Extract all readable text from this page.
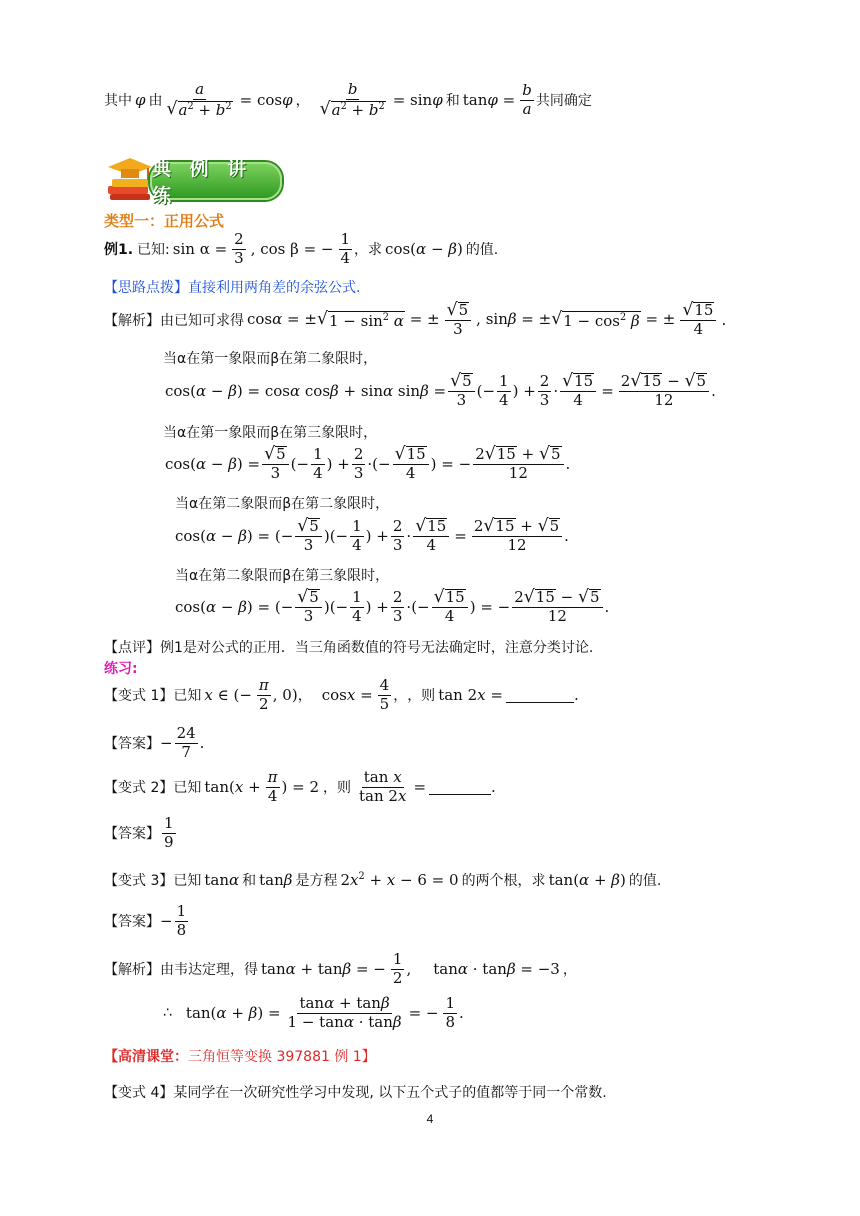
其中 φ 由 $\frac{a}{√ a^2 + b^2} = \cos\varphi$ ， $\frac{b}{√ a^2 + b^2} = \sin\varphi$ 和 $\tan\varphi = \frac{b}{a}$ 共同确定
典 例 讲 练
类型一：正用公式
例1. 已知: $\sin \alpha = \frac{2}{3}$ , cos β = − $\frac{1}{4}$ ，求 cos(α − β) 的值.
【思路点拨】 直接利用两角差的余弦公式.
【解析】 由已知可求得 cosα = ± √ $1 - \sin^2 \alpha$ = ± $\frac{√ 5}{3}$ , sinβ = ± √ $1 - \cos^2 \beta$ = ± $\frac{√ 15}{4}$ .
当α在第一象限而β在第二象限时，
cos(α − β) = cosα cosβ + sinα $\sin\beta = \frac{√ 5}{3}$ (− $\frac{1}{4}$ ) + $\frac{2}{3} \cdot \frac{√ 15}{4} = \frac{2 √ 15 - √ 5}{12}$ .
当α在第一象限而β在第三象限时，
$\cos(\alpha - \beta) = \frac{√ 5}{3}$ (− $\frac{1}{4}$ ) + $\frac{2}{3}$ ·(− $\frac{√ 15}{4}$ ) = − $\frac{2 √ 15 + √ 5}{12}$ .
当α在第二象限而β在第二象限时，
cos(α − β) = (− $\frac{√ 5}{3}$ )(− $\frac{1}{4}$ ) + $\frac{2}{3} \cdot \frac{√ 15}{4} = \frac{2 √ 15 + √ 5}{12}$ .
当α在第二象限而β在第三象限时，
cos(α − β) = (− $\frac{√ 5}{3}$ )(− $\frac{1}{4}$ ) + $\frac{2}{3}$ ·(− $\frac{√ 15}{4}$ ) = − $\frac{2 √ 15 - √ 5}{12}$ .
【点评】 例1是对公式的正用．当三角函数值的符号无法确定时，注意分类讨论.
练习:
【变式 1】 已知 x ∈ (− $\frac{\pi}{2}$ , 0) ， $\cos x = \frac{4}{5}$ ， ，则 tan 2x =	.
【答案】 − $\frac{24}{7}$ .
【变式 2】 已知 $\tan(x + \frac{\pi}{4}$ ) = 2 ，则 $\frac{\text{tan x}}{\tan 2x}$ =	.
【答案】 $\frac{1}{9}$
【变式 3】 已知 tanα 和 tanβ 是方程 $2x^2 + x - 6 = 0$ 的两个根，求 tan(α + β) 的值.
【答案】 − $\frac{1}{8}$
【解析】 由韦达定理，得 tanα + tanβ = − $\frac{1}{2}$ , tanα · tanβ = −3 ，
∴ $\tan(\alpha + \beta) = \frac{\tan\alpha + \tan\beta}{1 - \tan\alpha \cdot \tan\beta}$ = − $\frac{1}{8}$ .
【高清课堂： 三角恒等变换 397881 例 1】
【变式 4】 某同学在一次研究性学习中发现, 以下五个式子的值都等于同一个常数.
4
